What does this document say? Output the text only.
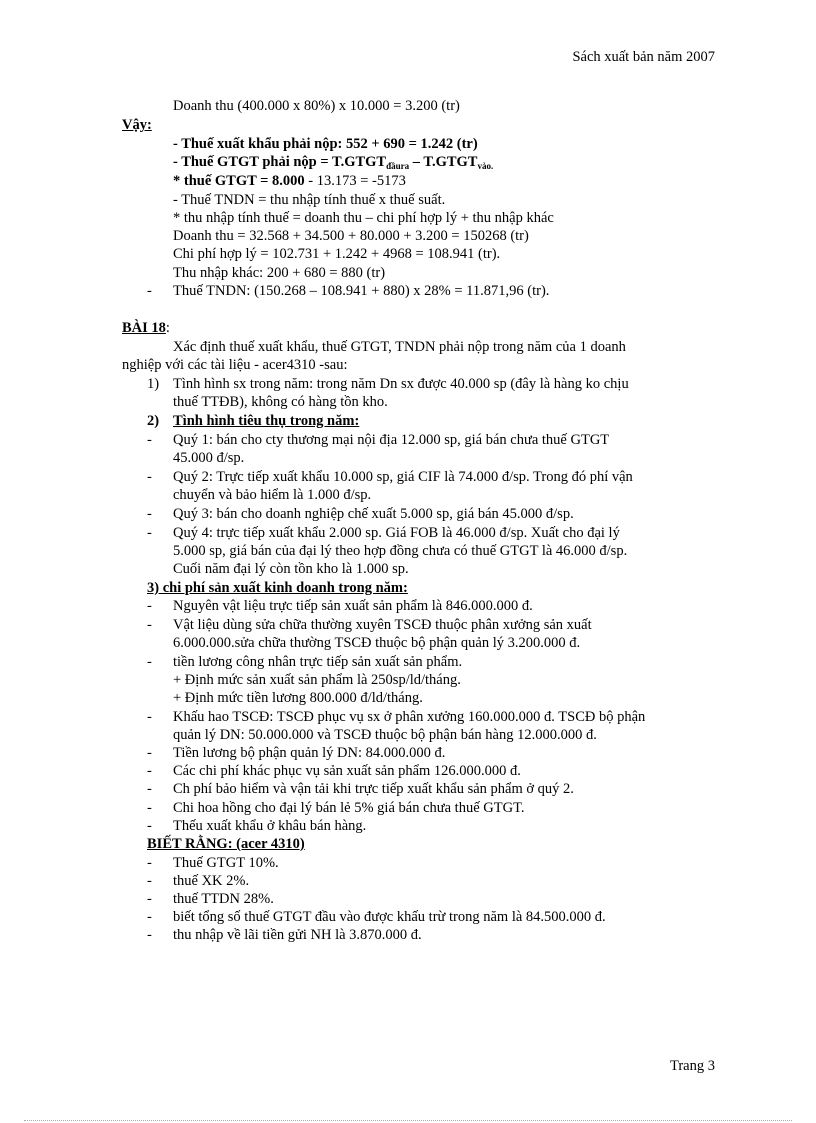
Sách xuất bản năm 2007
Doanh thu (400.000 x 80%) x 10.000 = 3.200 (tr)
Vậy:
- Thuế xuất khẩu phải nộp: 552 + 690 = 1.242 (tr)
- Thuế GTGT phải nộp = $T.GTGT_{đầura}$ – $T.GTGT_{vào.}$
* thuế GTGT = 8.000 - 13.173 = -5173
- Thuế TNDN = thu nhập tính thuế x thuế suất.
* thu nhập tính thuế = doanh thu – chi phí hợp lý + thu nhập khác
Doanh thu = 32.568 + 34.500 + 80.000 + 3.200 = 150268 (tr)
Chi phí hợp lý = 102.731 + 1.242 + 4968 = 108.941 (tr).
Thu nhập khác: 200 + 680 = 880 (tr)
- Thuế TNDN: (150.268 – 108.941 + 880) x 28% = 11.871,96 (tr).
BÀI 18:
Xác định thuế xuất khẩu, thuế GTGT, TNDN phải nộp trong năm của 1 doanh
nghiệp với các tài liệu - acer4310 -sau:
1) Tình hình sx trong năm: trong năm Dn sx được 40.000 sp (đây là hàng ko chịu
thuế TTĐB), không có hàng tồn kho.
2) Tình hình tiêu thụ trong năm:
- Quý 1: bán cho cty thương mại nội địa 12.000 sp, giá bán chưa thuế GTGT
45.000 đ/sp.
- Quý 2: Trực tiếp xuất khẩu 10.000 sp, giá CIF là 74.000 đ/sp. Trong đó phí vận
chuyển và bảo hiểm là 1.000 đ/sp.
- Quý 3: bán cho doanh nghiệp chế xuất 5.000 sp, giá bán 45.000 đ/sp.
- Quý 4: trực tiếp xuất khẩu 2.000 sp. Giá FOB là 46.000 đ/sp. Xuất cho đại lý
5.000 sp, giá bán của đại lý theo hợp đồng chưa có thuế GTGT là 46.000 đ/sp.
Cuối năm đại lý còn tồn kho là 1.000 sp.
3) chi phí sản xuất kinh doanh trong năm:
- Nguyên vật liệu trực tiếp sản xuất sản phẩm là 846.000.000 đ.
- Vật liệu dùng sửa chữa thường xuyên TSCĐ thuộc phân xưởng sản xuất
6.000.000.sửa chữa thường TSCĐ thuộc bộ phận quản lý 3.200.000 đ.
- tiền lương công nhân trực tiếp sản xuất sản phẩm.
+ Định mức sản xuất sản phẩm là 250sp/ld/tháng.
+ Định mức tiền lương 800.000 đ/ld/tháng.
- Khấu hao TSCĐ: TSCĐ phục vụ sx ở phân xưởng 160.000.000 đ. TSCĐ bộ phận
quản lý DN: 50.000.000 và TSCĐ thuộc bộ phận bán hàng 12.000.000 đ.
- Tiền lương bộ phận quản lý DN: 84.000.000 đ.
- Các chi phí khác phục vụ sản xuất sản phẩm 126.000.000 đ.
- Ch phí bảo hiểm và vận tải khi trực tiếp xuất khẩu sản phẩm ở quý 2.
- Chi hoa hồng cho đại lý bán lẻ 5% giá bán chưa thuế GTGT.
- Thếu xuất khẩu ở khâu bán hàng.
BIẾT RẰNG: (acer 4310)
- Thuế GTGT 10%.
- thuế XK 2%.
- thuế TTDN 28%.
- biết tổng số thuế GTGT đầu vào được khấu trừ trong năm là 84.500.000 đ.
- thu nhập về lãi tiền gửi NH là 3.870.000 đ.
Trang 3
